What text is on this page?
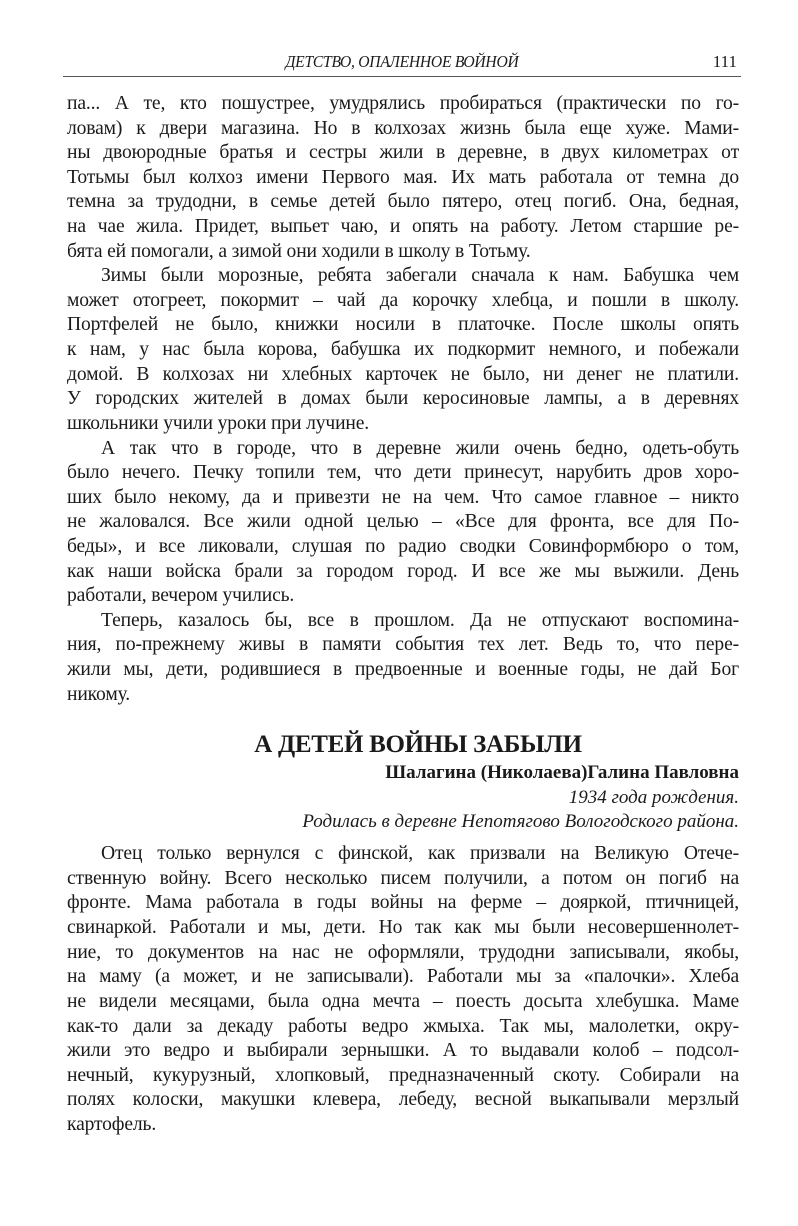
ДЕТСТВО, ОПАЛЕННОЕ ВОЙНОЙ	111
па... А те, кто пошустрее, умудрялись пробираться (практически по го-
ловам) к двери магазина. Но в колхозах жизнь была еще хуже. Мами-
ны двоюродные братья и сестры жили в деревне, в двух километрах от
Тотьмы был колхоз имени Первого мая. Их мать работала от темна до
темна за трудодни, в семье детей было пятеро, отец погиб. Она, бедная,
на чае жила. Придет, выпьет чаю, и опять на работу. Летом старшие ре-
бята ей помогали, а зимой они ходили в школу в Тотьму.
Зимы были морозные, ребята забегали сначала к нам. Бабушка чем
может отогреет, покормит – чай да корочку хлебца, и пошли в школу.
Портфелей не было, книжки носили в платочке. После школы опять
к нам, у нас была корова, бабушка их подкормит немного, и побежали
домой. В колхозах ни хлебных карточек не было, ни денег не платили.
У городских жителей в домах были керосиновые лампы, а в деревнях
школьники учили уроки при лучине.
А так что в городе, что в деревне жили очень бедно, одеть-обуть
было нечего. Печку топили тем, что дети принесут, нарубить дров хоро-
ших было некому, да и привезти не на чем. Что самое главное – никто
не жаловался. Все жили одной целью – «Все для фронта, все для По-
беды», и все ликовали, слушая по радио сводки Совинформбюро о том,
как наши войска брали за городом город. И все же мы выжили. День
работали, вечером учились.
Теперь, казалось бы, все в прошлом. Да не отпускают воспомина-
ния, по-прежнему живы в памяти события тех лет. Ведь то, что пере-
жили мы, дети, родившиеся в предвоенные и военные годы, не дай Бог
никому.
А ДЕТЕЙ ВОЙНЫ ЗАБЫЛИ
Шалагина (Николаева)Галина Павловна
1934 года рождения.
Родилась в деревне Непотягово Вологодского района.
Отец только вернулся с финской, как призвали на Великую Отече-
ственную войну. Всего несколько писем получили, а потом он погиб на
фронте. Мама работала в годы войны на ферме – дояркой, птичницей,
свинаркой. Работали и мы, дети. Но так как мы были несовершеннолет-
ние, то документов на нас не оформляли, трудодни записывали, якобы,
на маму (а может, и не записывали). Работали мы за «палочки». Хлеба
не видели месяцами, была одна мечта – поесть досыта хлебушка. Маме
как-то дали за декаду работы ведро жмыха. Так мы, малолетки, окру-
жили это ведро и выбирали зернышки. А то выдавали колоб – подсол-
нечный, кукурузный, хлопковый, предназначенный скоту. Собирали на
полях колоски, макушки клевера, лебеду, весной выкапывали мерзлый
картофель.
